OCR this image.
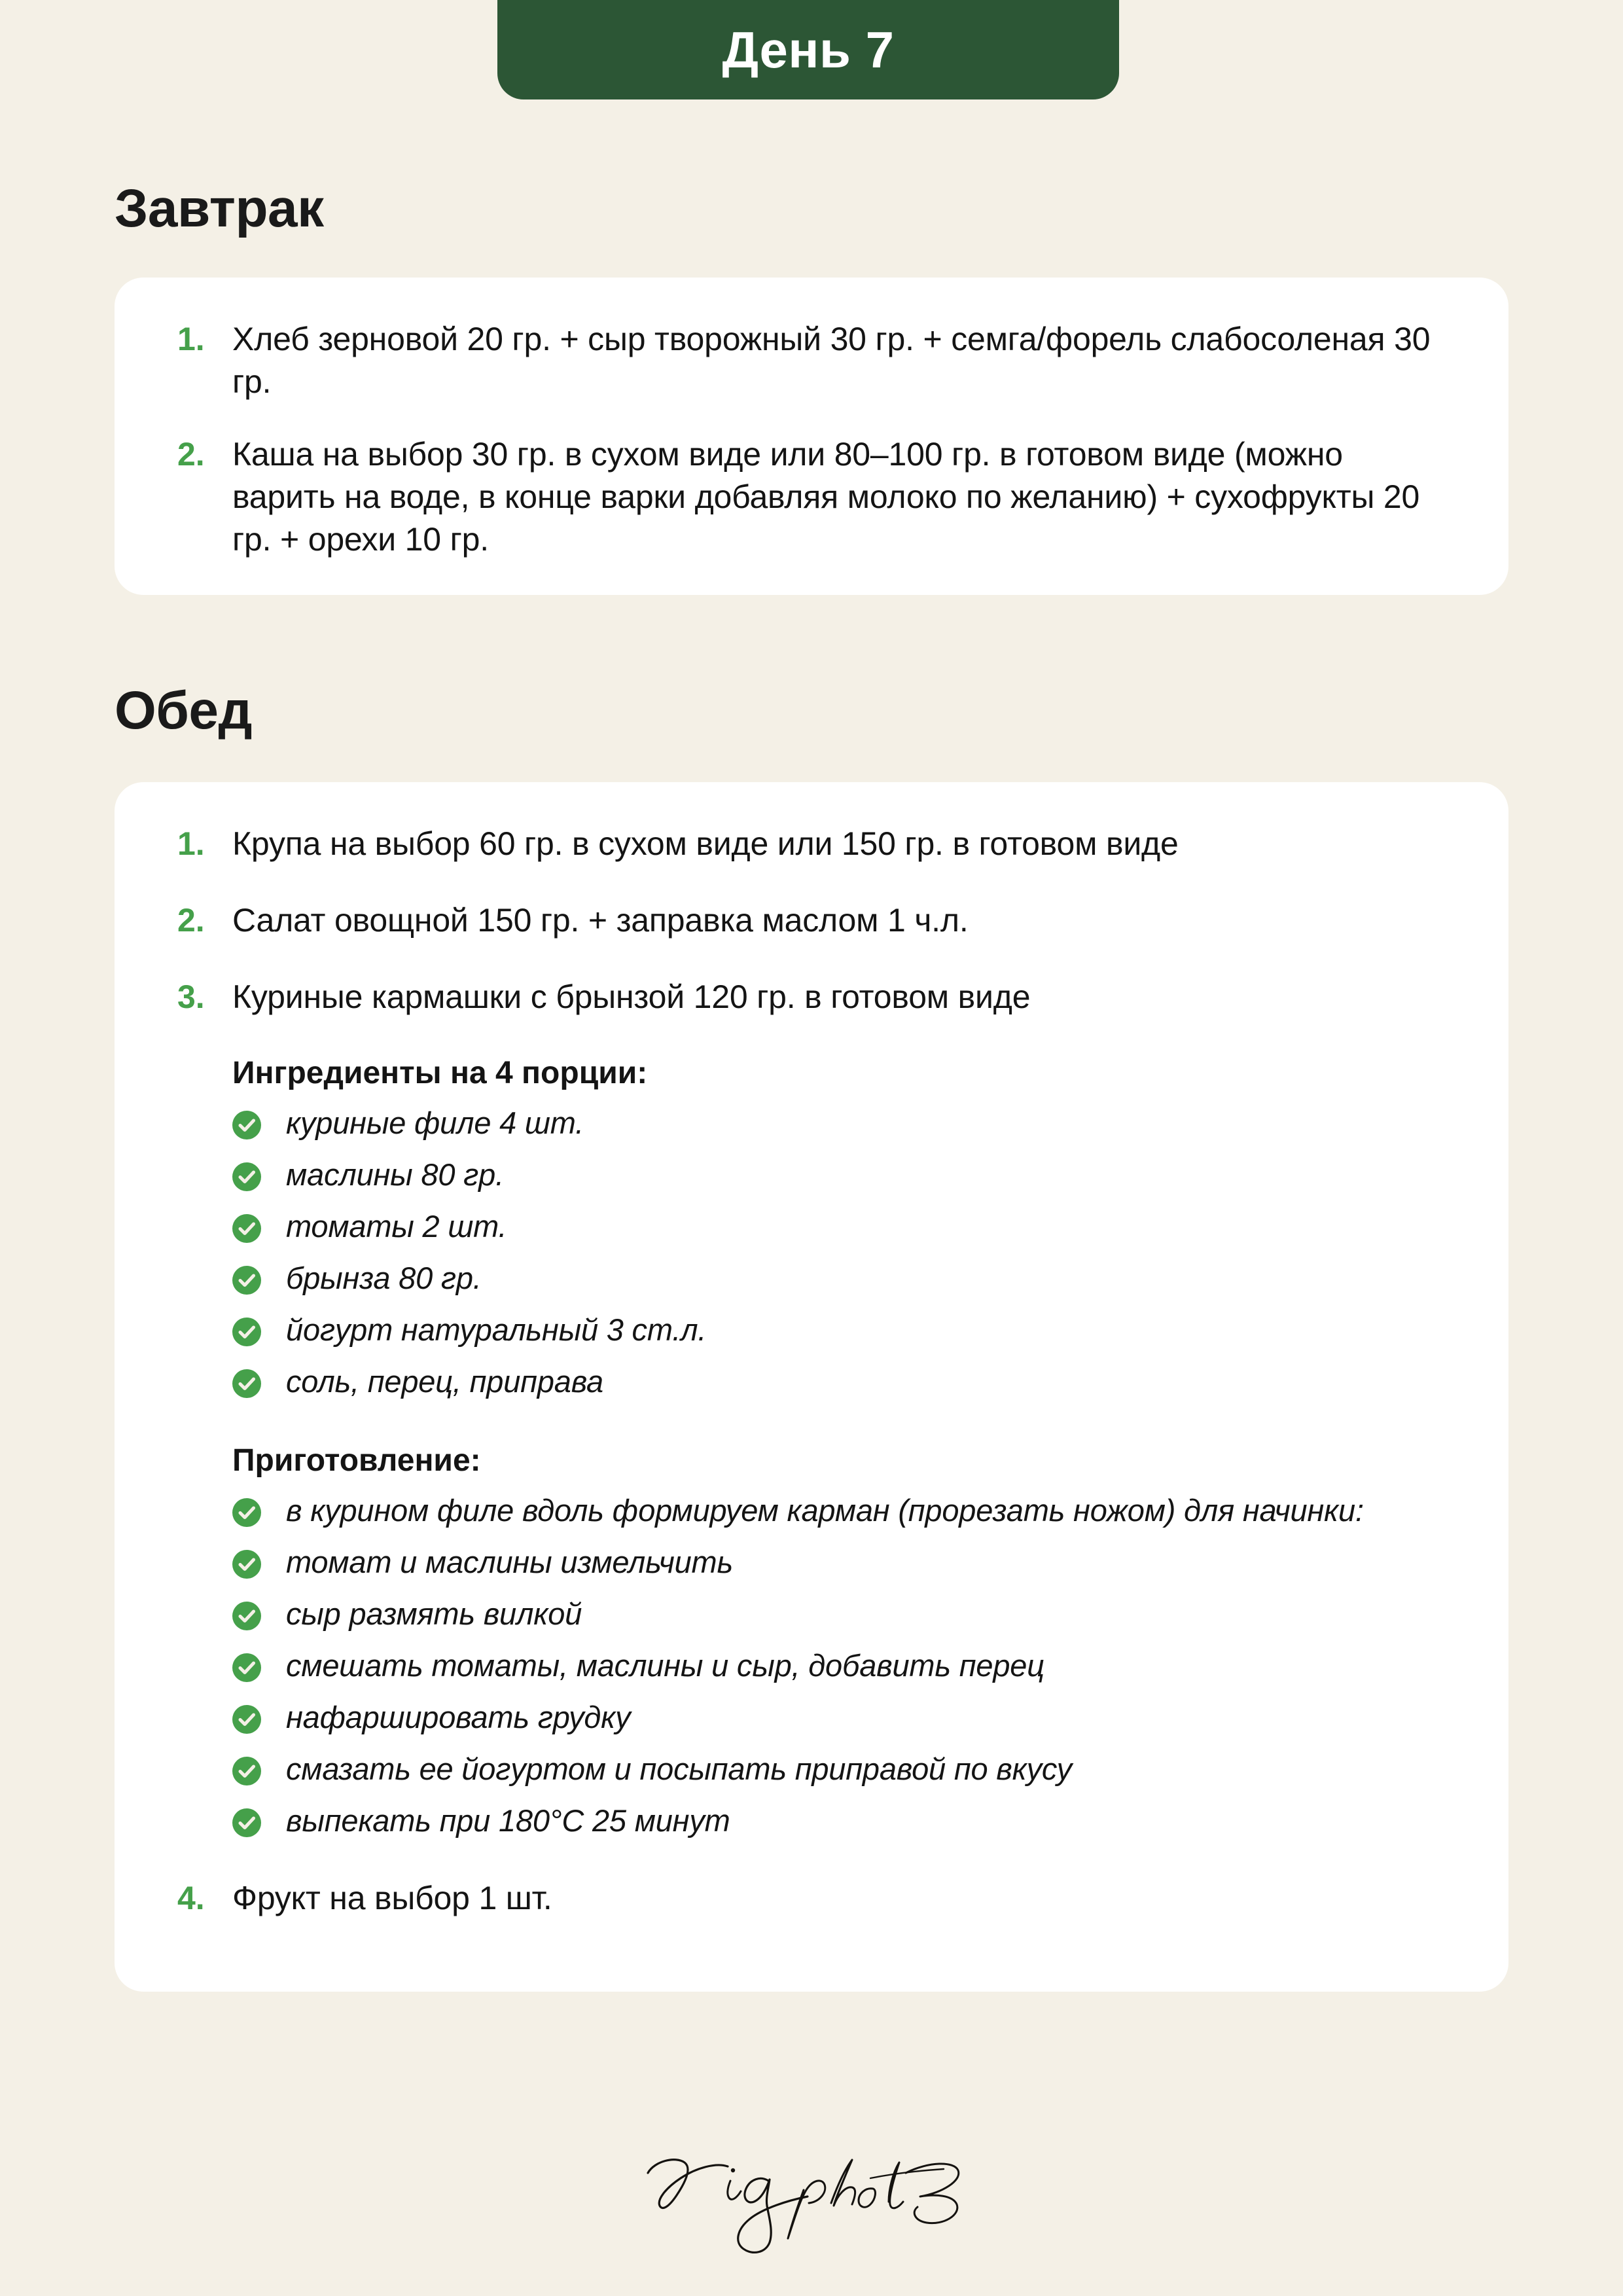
День 7
Завтрак
1. Хлеб зерновой 20 гр. + сыр творожный 30 гр. + семга/форель слабосоленая 30 гр.
2. Каша на выбор 30 гр. в сухом виде или 80–100 гр. в готовом виде (можно варить на воде, в конце варки добавляя молоко по желанию) + сухофрукты 20 гр. + орехи 10 гр.
Обед
1. Крупа на выбор 60 гр. в сухом виде или 150 гр. в готовом виде
2. Салат овощной 150 гр. + заправка маслом 1 ч.л.
3. Куриные кармашки с брынзой 120 гр. в готовом виде
Ингредиенты на 4 порции:
куриные филе 4 шт.
маслины 80 гр.
томаты 2 шт.
брынза 80 гр.
йогурт натуральный 3 ст.л.
соль, перец, приправа
Приготовление:
в курином филе вдоль формируем карман (прорезать ножом) для начинки:
томат и маслины измельчить
сыр размять вилкой
смешать томаты, маслины и сыр, добавить перец
нафаршировать грудку
смазать ее йогуртом и посыпать приправой по вкусу
выпекать при 180°С 25 минут
4. Фрукт на выбор 1 шт.
